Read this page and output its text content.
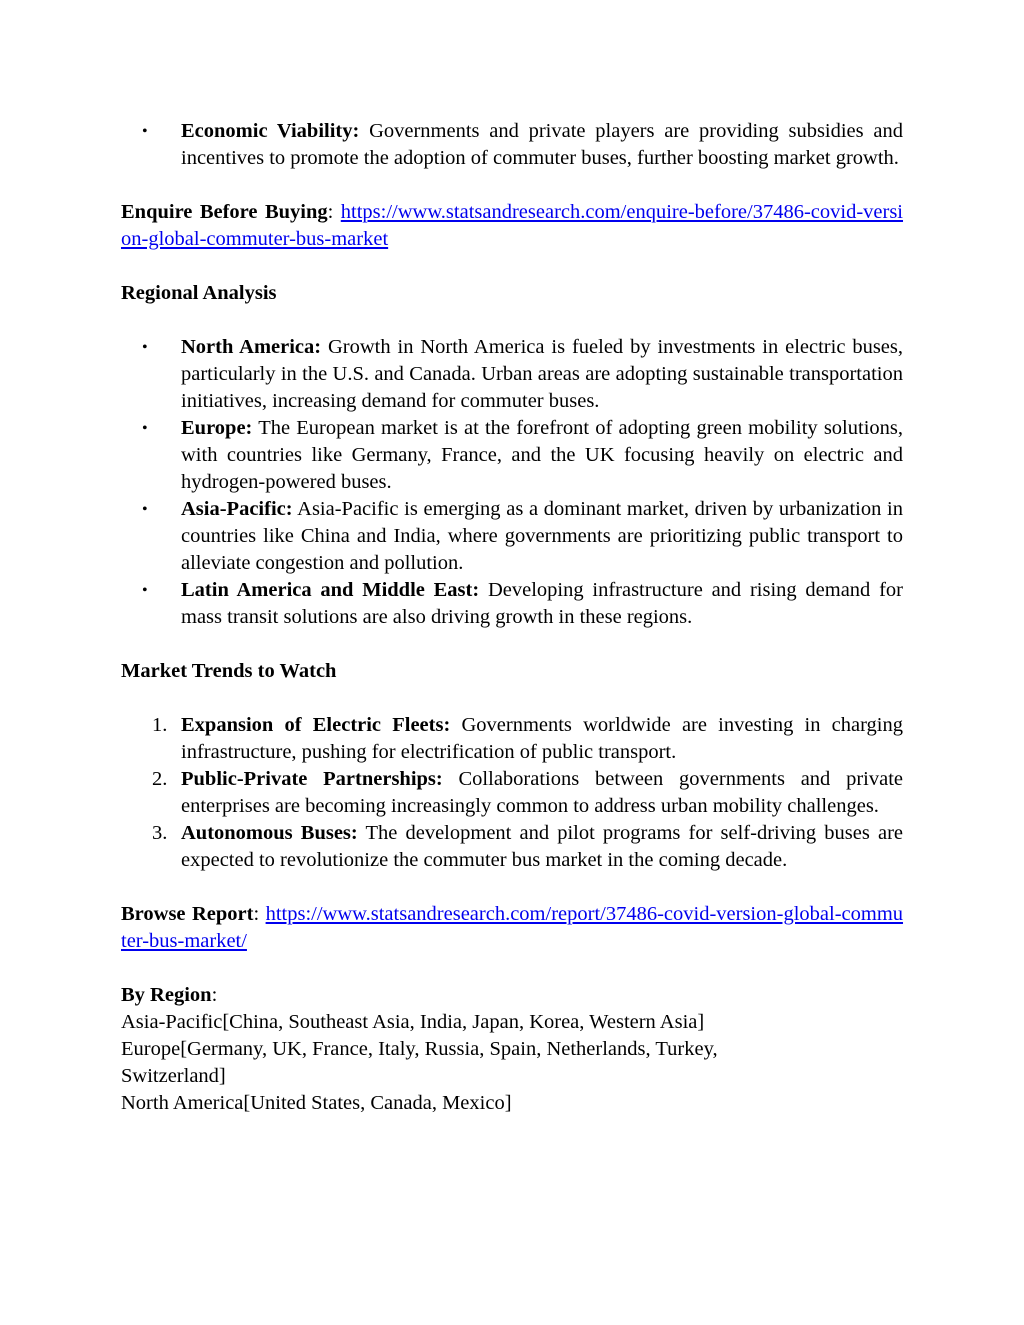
• Economic Viability: Governments and private players are providing subsidies and incentives to promote the adoption of commuter buses, further boosting market growth.

Enquire Before Buying: https://www.statsandresearch.com/enquire-before/37486-covid-version-global-commuter-bus-market

Regional Analysis

• North America: Growth in North America is fueled by investments in electric buses, particularly in the U.S. and Canada. Urban areas are adopting sustainable transportation initiatives, increasing demand for commuter buses.
• Europe: The European market is at the forefront of adopting green mobility solutions, with countries like Germany, France, and the UK focusing heavily on electric and hydrogen-powered buses.
• Asia-Pacific: Asia-Pacific is emerging as a dominant market, driven by urbanization in countries like China and India, where governments are prioritizing public transport to alleviate congestion and pollution.
• Latin America and Middle East: Developing infrastructure and rising demand for mass transit solutions are also driving growth in these regions.

Market Trends to Watch

1. Expansion of Electric Fleets: Governments worldwide are investing in charging infrastructure, pushing for electrification of public transport.
2. Public-Private Partnerships: Collaborations between governments and private enterprises are becoming increasingly common to address urban mobility challenges.
3. Autonomous Buses: The development and pilot programs for self-driving buses are expected to revolutionize the commuter bus market in the coming decade.

Browse Report: https://www.statsandresearch.com/report/37486-covid-version-global-commuter-bus-market/

By Region:
Asia-Pacific[China, Southeast Asia, India, Japan, Korea, Western Asia]
Europe[Germany, UK, France, Italy, Russia, Spain, Netherlands, Turkey, Switzerland]
North America[United States, Canada, Mexico]
